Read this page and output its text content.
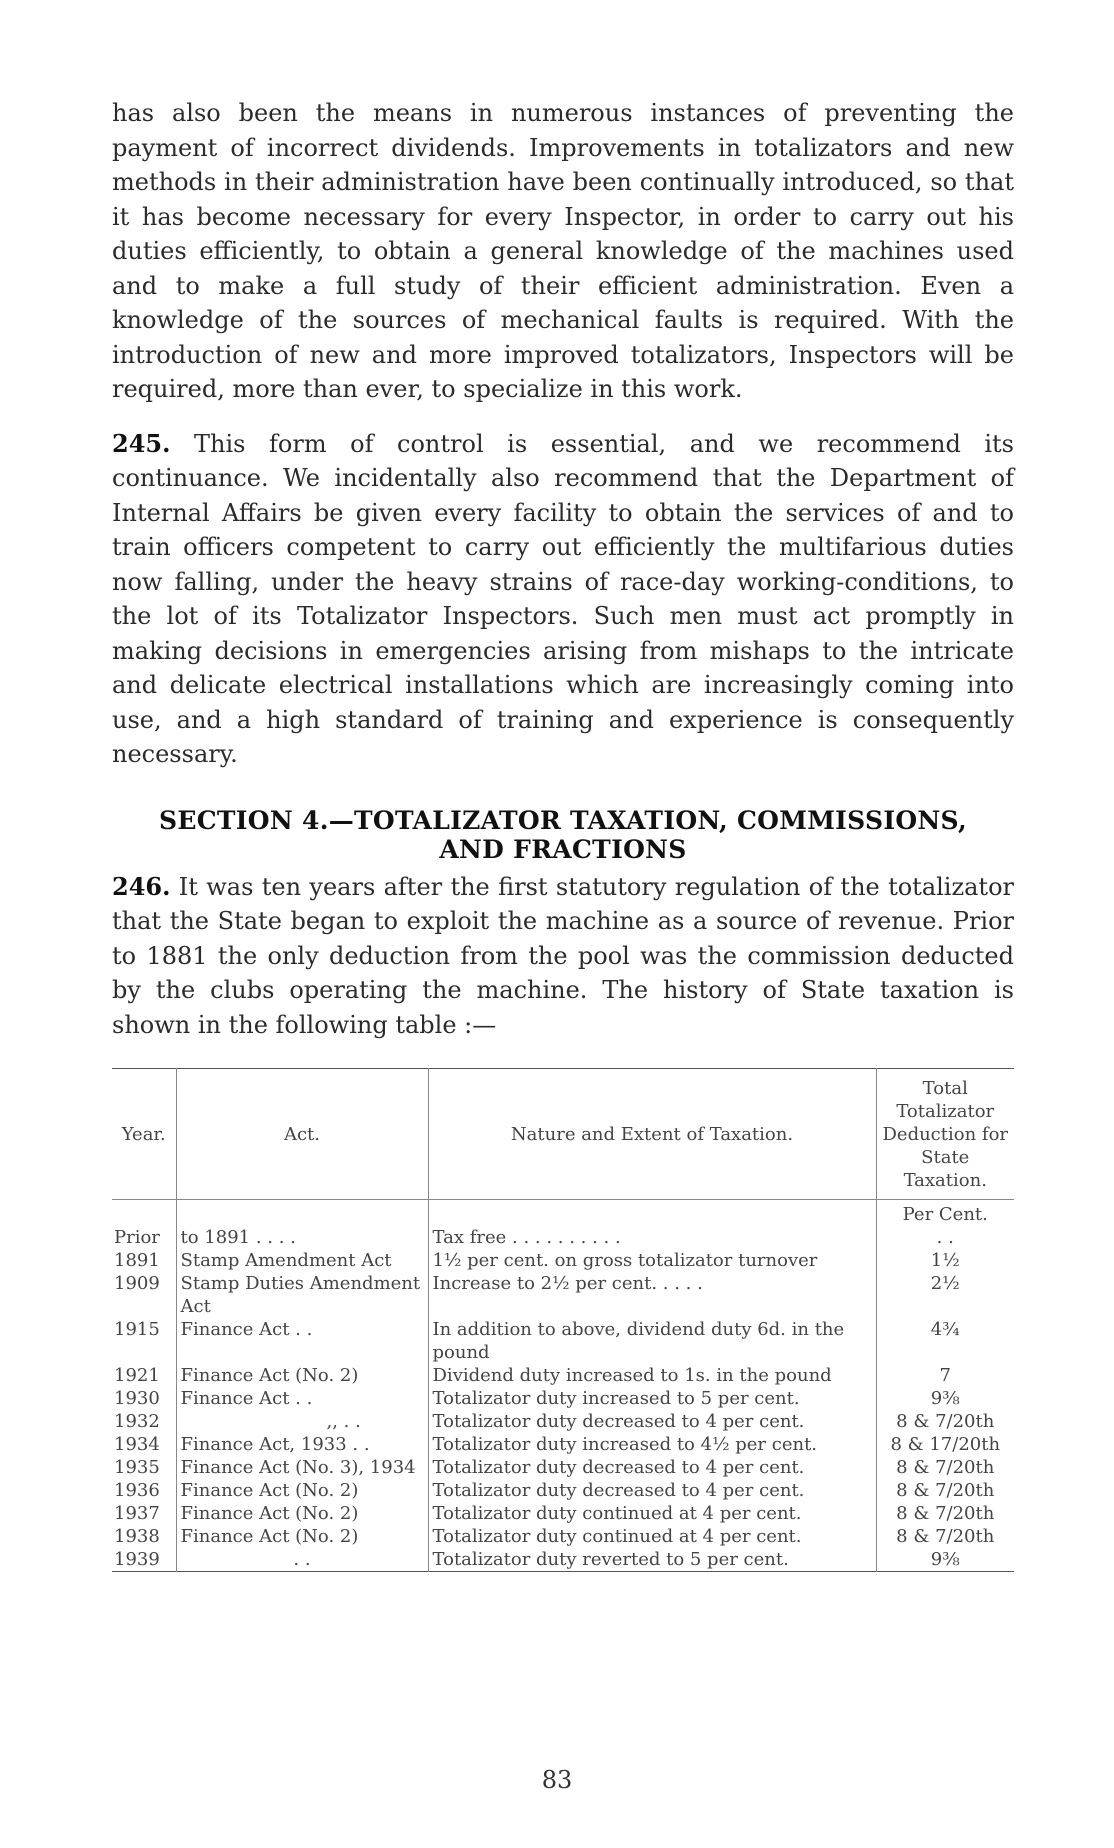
has also been the means in numerous instances of preventing the payment of incorrect dividends. Improvements in totalizators and new methods in their administration have been continually introduced, so that it has become necessary for every Inspector, in order to carry out his duties efficiently, to obtain a general knowledge of the machines used and to make a full study of their efficient administration. Even a knowledge of the sources of mechanical faults is required. With the introduction of new and more improved totalizators, Inspectors will be required, more than ever, to specialize in this work.

245. This form of control is essential, and we recommend its continuance. We incidentally also recommend that the Department of Internal Affairs be given every facility to obtain the services of and to train officers competent to carry out efficiently the multifarious duties now falling, under the heavy strains of race-day working-conditions, to the lot of its Totalizator Inspectors. Such men must act promptly in making decisions in emergencies arising from mishaps to the intricate and delicate electrical installations which are increasingly coming into use, and a high standard of training and experience is consequently necessary.

SECTION 4.—TOTALIZATOR TAXATION, COMMISSIONS,
AND FRACTIONS

246. It was ten years after the first statutory regulation of the totalizator that the State began to exploit the machine as a source of revenue. Prior to 1881 the only deduction from the pool was the commission deducted by the clubs operating the machine. The history of State taxation is shown in the following table :—

Year.	Act.	Nature and Extent of Taxation.	Total Totalizator Deduction for State Taxation.
			Per Cent.
Prior	to 1891 . . . .	Tax free . . . . . . . . . .	. .
1891	Stamp Amendment Act	1½ per cent. on gross totalizator turnover	1½
1909	Stamp Duties Amendment Act	Increase to 2½ per cent. . . . .	2½
1915	Finance Act . .	In addition to above, dividend duty 6d. in the pound	4¾
1921	Finance Act (No. 2)	Dividend duty increased to 1s. in the pound	7
1930	Finance Act . .	Totalizator duty increased to 5 per cent.	9⅜
1932	,, . .	Totalizator duty decreased to 4 per cent.	8 & 7/20th
1934	Finance Act, 1933 . .	Totalizator duty increased to 4½ per cent.	8 & 17/20th
1935	Finance Act (No. 3), 1934	Totalizator duty decreased to 4 per cent.	8 & 7/20th
1936	Finance Act (No. 2)	Totalizator duty decreased to 4 per cent.	8 & 7/20th
1937	Finance Act (No. 2)	Totalizator duty continued at 4 per cent.	8 & 7/20th
1938	Finance Act (No. 2)	Totalizator duty continued at 4 per cent.	8 & 7/20th
1939	. .	Totalizator duty reverted to 5 per cent.	9⅜
83
